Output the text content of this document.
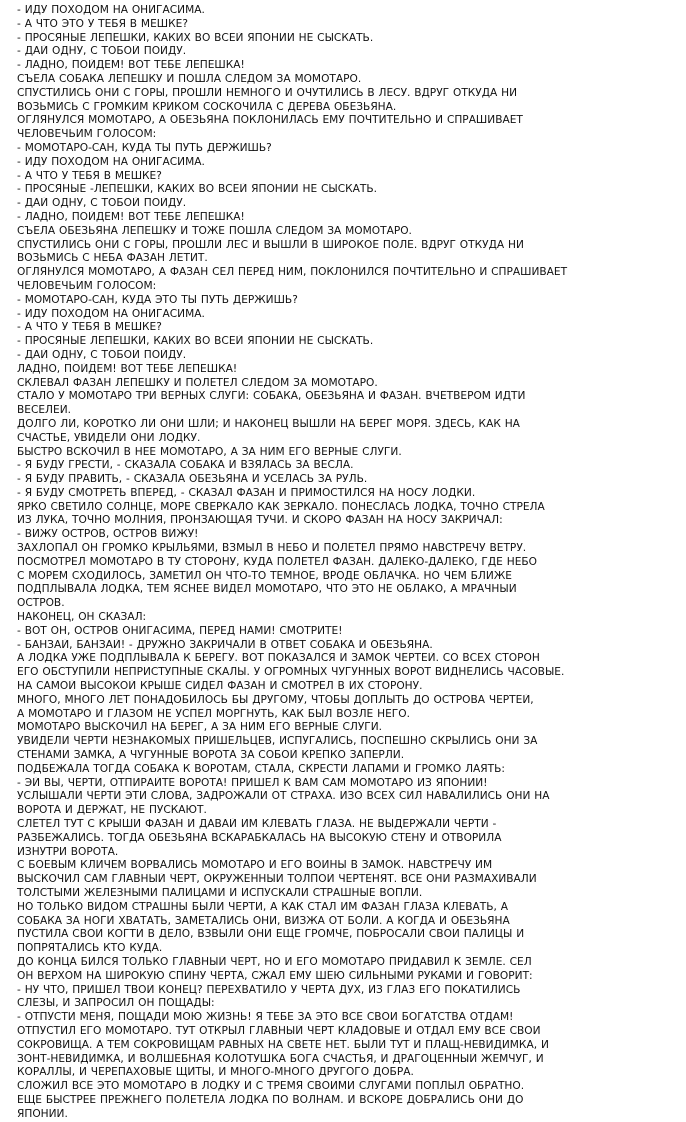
- ИДУ ПОХОДОМ НА ОНИГАСИМА.
- А ЧТО ЭТО У ТЕБЯ В МЕШКЕ?
- ПРОСЯНЫЕ ЛЕПЕШКИ, КАКИХ ВО ВСЕЙ ЯПОНИИ НЕ СЫСКАТЬ.
- ДАЙ ОДНУ, С ТОБОЙ ПОЙДУ.
- ЛАДНО, ПОЙДЕМ! ВОТ ТЕБЕ ЛЕПЕШКА!
СЪЕЛА СОБАКА ЛЕПЕШКУ И ПОШЛА СЛЕДОМ ЗА МОМОТАРО.
СПУСТИЛИСЬ ОНИ С ГОРЫ, ПРОШЛИ НЕМНОГО И ОЧУТИЛИСЬ В ЛЕСУ. ВДРУГ ОТКУДА НИ
ВОЗЬМИСЬ С ГРОМКИМ КРИКОМ СОСКОЧИЛА С ДЕРЕВА ОБЕЗЬЯНА.
ОГЛЯНУЛСЯ МОМОТАРО, А ОБЕЗЬЯНА ПОКЛОНИЛАСЬ ЕМУ ПОЧТИТЕЛЬНО И СПРАШИВАЕТ
ЧЕЛОВЕЧЬИМ ГОЛОСОМ:
- МОМОТАРО-САН, КУДА ТЫ ПУТЬ ДЕРЖИШЬ?
- ИДУ ПОХОДОМ НА ОНИГАСИМА.
- А ЧТО У ТЕБЯ В МЕШКЕ?
- ПРОСЯНЫЕ -ЛЕПЕШКИ, КАКИХ ВО ВСЕЙ ЯПОНИИ НЕ СЫСКАТЬ.
- ДАЙ ОДНУ, С ТОБОЙ ПОЙДУ.
- ЛАДНО, ПОЙДЕМ! ВОТ ТЕБЕ ЛЕПЕШКА!
СЪЕЛА ОБЕЗЬЯНА ЛЕПЕШКУ И ТОЖЕ ПОШЛА СЛЕДОМ ЗА МОМОТАРО.
СПУСТИЛИСЬ ОНИ С ГОРЫ, ПРОШЛИ ЛЕС И ВЫШЛИ В ШИРОКОЕ ПОЛЕ. ВДРУГ ОТКУДА НИ
ВОЗЬМИСЬ С НЕБА ФАЗАН ЛЕТИТ.
ОГЛЯНУЛСЯ МОМОТАРО, А ФАЗАН СЕЛ ПЕРЕД НИМ, ПОКЛОНИЛСЯ ПОЧТИТЕЛЬНО И СПРАШИВАЕТ
ЧЕЛОВЕЧЬИМ ГОЛОСОМ:
- МОМОТАРО-САН, КУДА ЭТО ТЫ ПУТЬ ДЕРЖИШЬ?
- ИДУ ПОХОДОМ НА ОНИГАСИМА.
- А ЧТО У ТЕБЯ В МЕШКЕ?
- ПРОСЯНЫЕ ЛЕПЕШКИ, КАКИХ ВО ВСЕЙ ЯПОНИИ НЕ СЫСКАТЬ.
- ДАЙ ОДНУ, С ТОБОЙ ПОЙДУ.
ЛАДНО, ПОЙДЕМ! ВОТ ТЕБЕ ЛЕПЕШКА!
СКЛЕВАЛ ФАЗАН ЛЕПЕШКУ И ПОЛЕТЕЛ СЛЕДОМ ЗА МОМОТАРО.
СТАЛО У МОМОТАРО ТРИ ВЕРНЫХ СЛУГИ: СОБАКА, ОБЕЗЬЯНА И ФАЗАН. ВЧЕТВЕРОМ ИДТИ
ВЕСЕЛЕЙ.
ДОЛГО ЛИ, КОРОТКО ЛИ ОНИ ШЛИ; И НАКОНЕЦ ВЫШЛИ НА БЕРЕГ МОРЯ. ЗДЕСЬ, КАК НА
СЧАСТЬЕ, УВИДЕЛИ ОНИ ЛОДКУ.
БЫСТРО ВСКОЧИЛ В НЕЕ МОМОТАРО, А ЗА НИМ ЕГО ВЕРНЫЕ СЛУГИ.
- Я БУДУ ГРЕСТИ, - СКАЗАЛА СОБАКА И ВЗЯЛАСЬ ЗА ВЕСЛА.
- Я БУДУ ПРАВИТЬ, - СКАЗАЛА ОБЕЗЬЯНА И УСЕЛАСЬ ЗА РУЛЬ.
- Я БУДУ СМОТРЕТЬ ВПЕРЕД, - СКАЗАЛ ФАЗАН И ПРИМОСТИЛСЯ НА НОСУ ЛОДКИ.
ЯРКО СВЕТИЛО СОЛНЦЕ, МОРЕ СВЕРКАЛО КАК ЗЕРКАЛО. ПОНЕСЛАСЬ ЛОДКА, ТОЧНО СТРЕЛА
ИЗ ЛУКА, ТОЧНО МОЛНИЯ, ПРОНЗАЮЩАЯ ТУЧИ. И СКОРО ФАЗАН НА НОСУ ЗАКРИЧАЛ:
- ВИЖУ ОСТРОВ, ОСТРОВ ВИЖУ!
ЗАХЛОПАЛ ОН ГРОМКО КРЫЛЬЯМИ, ВЗМЫЛ В НЕБО И ПОЛЕТЕЛ ПРЯМО НАВСТРЕЧУ ВЕТРУ.
ПОСМОТРЕЛ МОМОТАРО В ТУ СТОРОНУ, КУДА ПОЛЕТЕЛ ФАЗАН. ДАЛЕКО-ДАЛЕКО, ГДЕ НЕБО
С МОРЕМ СХОДИЛОСЬ, ЗАМЕТИЛ ОН ЧТО-ТО ТЕМНОЕ, ВРОДЕ ОБЛАЧКА. НО ЧЕМ БЛИЖЕ
ПОДПЛЫВАЛА ЛОДКА, ТЕМ ЯСНЕЕ ВИДЕЛ МОМОТАРО, ЧТО ЭТО НЕ ОБЛАКО, А МРАЧНЫЙ
ОСТРОВ.
НАКОНЕЦ, ОН СКАЗАЛ:
- ВОТ ОН, ОСТРОВ ОНИГАСИМА, ПЕРЕД НАМИ! СМОТРИТЕ!
- БАНЗАЙ, БАНЗАЙ! - ДРУЖНО ЗАКРИЧАЛИ В ОТВЕТ СОБАКА И ОБЕЗЬЯНА.
А ЛОДКА УЖЕ ПОДПЛЫВАЛА К БЕРЕГУ. ВОТ ПОКАЗАЛСЯ И ЗАМОК ЧЕРТЕЙ. СО ВСЕХ СТОРОН
ЕГО ОБСТУПИЛИ НЕПРИСТУПНЫЕ СКАЛЫ. У ОГРОМНЫХ ЧУГУННЫХ ВОРОТ ВИДНЕЛИСЬ ЧАСОВЫЕ.
НА САМОЙ ВЫСОКОЙ КРЫШЕ СИДЕЛ ФАЗАН И СМОТРЕЛ В ИХ СТОРОНУ.
МНОГО, МНОГО ЛЕТ ПОНАДОБИЛОСЬ БЫ ДРУГОМУ, ЧТОБЫ ДОПЛЫТЬ ДО ОСТРОВА ЧЕРТЕЙ,
А МОМОТАРО И ГЛАЗОМ НЕ УСПЕЛ МОРГНУТЬ, КАК БЫЛ ВОЗЛЕ НЕГО.
МОМОТАРО ВЫСКОЧИЛ НА БЕРЕГ, А ЗА НИМ ЕГО ВЕРНЫЕ СЛУГИ.
УВИДЕЛИ ЧЕРТИ НЕЗНАКОМЫХ ПРИШЕЛЬЦЕВ, ИСПУГАЛИСЬ, ПОСПЕШНО СКРЫЛИСЬ ОНИ ЗА
СТЕНАМИ ЗАМКА, А ЧУГУННЫЕ ВОРОТА ЗА СОБОЙ КРЕПКО ЗАПЕРЛИ.
ПОДБЕЖАЛА ТОГДА СОБАКА К ВОРОТАМ, СТАЛА, СКРЕСТИ ЛАПАМИ И ГРОМКО ЛАЯТЬ:
- ЭЙ ВЫ, ЧЕРТИ, ОТПИРАЙТЕ ВОРОТА! ПРИШЕЛ К ВАМ САМ МОМОТАРО ИЗ ЯПОНИИ!
УСЛЫШАЛИ ЧЕРТИ ЭТИ СЛОВА, ЗАДРОЖАЛИ ОТ СТРАХА. ИЗО ВСЕХ СИЛ НАВАЛИЛИСЬ ОНИ НА
ВОРОТА И ДЕРЖАТ, НЕ ПУСКАЮТ.
СЛЕТЕЛ ТУТ С КРЫШИ ФАЗАН И ДАВАЙ ИМ КЛЕВАТЬ ГЛАЗА. НЕ ВЫДЕРЖАЛИ ЧЕРТИ -
РАЗБЕЖАЛИСЬ. ТОГДА ОБЕЗЬЯНА ВСКАРАБКАЛАСЬ НА ВЫСОКУЮ СТЕНУ И ОТВОРИЛА
ИЗНУТРИ ВОРОТА.
С БОЕВЫМ КЛИЧЕМ ВОРВАЛИСЬ МОМОТАРО И ЕГО ВОИНЫ В ЗАМОК. НАВСТРЕЧУ ИМ
ВЫСКОЧИЛ САМ ГЛАВНЫЙ ЧЕРТ, ОКРУЖЕННЫЙ ТОЛПОЙ ЧЕРТЕНЯТ. ВСЕ ОНИ РАЗМАХИВАЛИ
ТОЛСТЫМИ ЖЕЛЕЗНЫМИ ПАЛИЦАМИ И ИСПУСКАЛИ СТРАШНЫЕ ВОПЛИ.
НО ТОЛЬКО ВИДОМ СТРАШНЫ БЫЛИ ЧЕРТИ, А КАК СТАЛ ИМ ФАЗАН ГЛАЗА КЛЕВАТЬ, А
СОБАКА ЗА НОГИ ХВАТАТЬ, ЗАМЕТАЛИСЬ ОНИ, ВИЗЖА ОТ БОЛИ. А КОГДА И ОБЕЗЬЯНА
ПУСТИЛА СВОИ КОГТИ В ДЕЛО, ВЗВЫЛИ ОНИ ЕЩЕ ГРОМЧЕ, ПОБРОСАЛИ СВОИ ПАЛИЦЫ И
ПОПРЯТАЛИСЬ КТО КУДА.
ДО КОНЦА БИЛСЯ ТОЛЬКО ГЛАВНЫЙ ЧЕРТ, НО И ЕГО МОМОТАРО ПРИДАВИЛ К ЗЕМЛЕ. СЕЛ
ОН ВЕРХОМ НА ШИРОКУЮ СПИНУ ЧЕРТА, СЖАЛ ЕМУ ШЕЮ СИЛЬНЫМИ РУКАМИ И ГОВОРИТ:
- НУ ЧТО, ПРИШЕЛ ТВОЙ КОНЕЦ? ПЕРЕХВАТИЛО У ЧЕРТА ДУХ, ИЗ ГЛАЗ ЕГО ПОКАТИЛИСЬ
СЛЕЗЫ, И ЗАПРОСИЛ ОН ПОЩАДЫ:
- ОТПУСТИ МЕНЯ, ПОЩАДИ МОЮ ЖИЗНЬ! Я ТЕБЕ ЗА ЭТО ВСЕ СВОИ БОГАТСТВА ОТДАМ!
ОТПУСТИЛ ЕГО МОМОТАРО. ТУТ ОТКРЫЛ ГЛАВНЫЙ ЧЕРТ КЛАДОВЫЕ И ОТДАЛ ЕМУ ВСЕ СВОИ
СОКРОВИЩА. А ТЕМ СОКРОВИЩАМ РАВНЫХ НА СВЕТЕ НЕТ. БЫЛИ ТУТ И ПЛАЩ-НЕВИДИМКА, И
ЗОНТ-НЕВИДИМКА, И ВОЛШЕБНАЯ КОЛОТУШКА БОГА СЧАСТЬЯ, И ДРАГОЦЕННЫЙ ЖЕМЧУГ, И
КОРАЛЛЫ, И ЧЕРЕПАХОВЫЕ ЩИТЫ, И МНОГО-МНОГО ДРУГОГО ДОБРА.
СЛОЖИЛ ВСЕ ЭТО МОМОТАРО В ЛОДКУ И С ТРЕМЯ СВОИМИ СЛУГАМИ ПОПЛЫЛ ОБРАТНО.
ЕЩЕ БЫСТРЕЕ ПРЕЖНЕГО ПОЛЕТЕЛА ЛОДКА ПО ВОЛНАМ. И ВСКОРЕ ДОБРАЛИСЬ ОНИ ДО
ЯПОНИИ.
